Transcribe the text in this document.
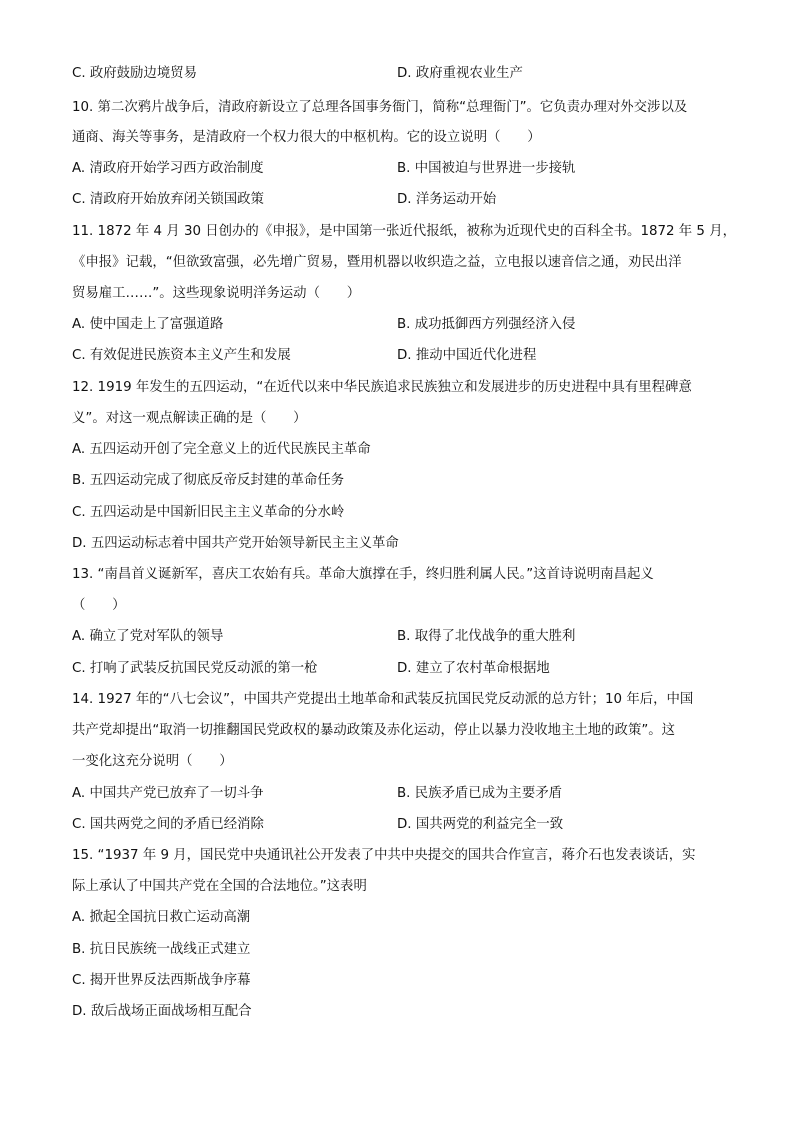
C. 政府鼓励边境贸易	D. 政府重视农业生产
10. 第二次鸦片战争后，清政府新设立了总理各国事务衙门，简称“总理衙门”。它负责办理对外交涉以及
通商、海关等事务，是清政府一个权力很大的中枢机构。它的设立说明（　　）
A. 清政府开始学习西方政治制度	B. 中国被迫与世界进一步接轨
C. 清政府开始放弃闭关锁国政策	D. 洋务运动开始
11. 1872 年 4 月 30 日创办的《申报》，是中国第一张近代报纸，被称为近现代史的百科全书。1872 年 5 月，
《申报》记载，“但欲致富强，必先增广贸易，暨用机器以收织造之益，立电报以速音信之通，劝民出洋
贸易雇工……”。这些现象说明洋务运动（　　）
A. 使中国走上了富强道路	B. 成功抵御西方列强经济入侵
C. 有效促进民族资本主义产生和发展	D. 推动中国近代化进程
12. 1919 年发生的五四运动，“在近代以来中华民族追求民族独立和发展进步的历史进程中具有里程碑意
义”。对这一观点解读正确的是（　　）
A. 五四运动开创了完全意义上的近代民族民主革命
B. 五四运动完成了彻底反帝反封建的革命任务
C. 五四运动是中国新旧民主主义革命的分水岭
D. 五四运动标志着中国共产党开始领导新民主主义革命
13. “南昌首义诞新军，喜庆工农始有兵。革命大旗撑在手，终归胜利属人民。”这首诗说明南昌起义
（　　）
A. 确立了党对军队的领导	B. 取得了北伐战争的重大胜利
C. 打响了武装反抗国民党反动派的第一枪	D. 建立了农村革命根据地
14. 1927 年的“八七会议”，中国共产党提出土地革命和武装反抗国民党反动派的总方针；10 年后，中国
共产党却提出“取消一切推翻国民党政权的暴动政策及赤化运动，停止以暴力没收地主土地的政策”。这
一变化这充分说明（　　）
A. 中国共产党已放弃了一切斗争	B. 民族矛盾已成为主要矛盾
C. 国共两党之间的矛盾已经消除	D. 国共两党的利益完全一致
15. “1937 年 9 月，国民党中央通讯社公开发表了中共中央提交的国共合作宣言，蒋介石也发表谈话，实
际上承认了中国共产党在全国的合法地位。”这表明
A. 掀起全国抗日救亡运动高潮
B. 抗日民族统一战线正式建立
C. 揭开世界反法西斯战争序幕
D. 敌后战场正面战场相互配合
